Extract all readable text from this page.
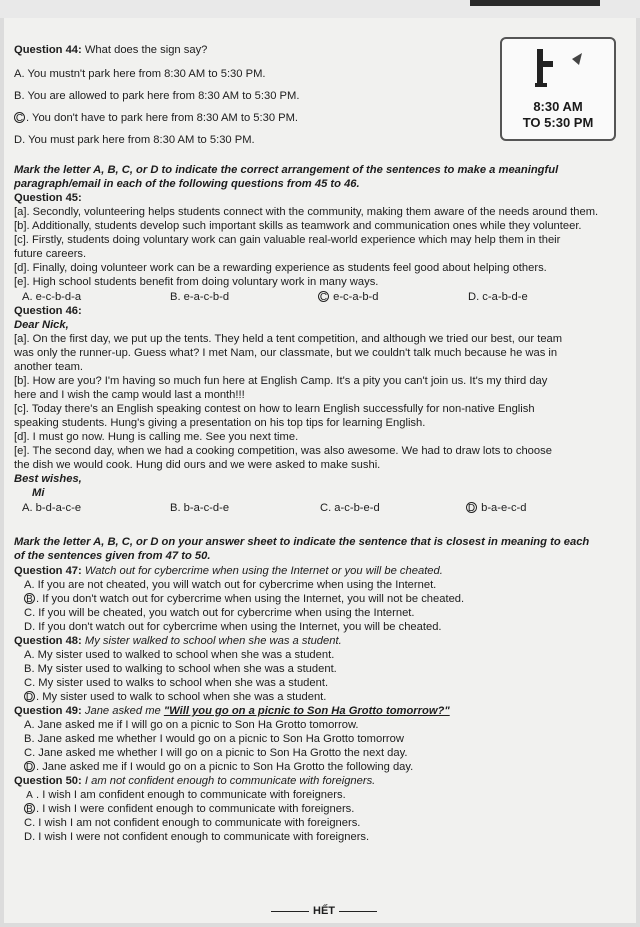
Question 44: What does the sign say?
A. You mustn't park here from 8:30 AM to 5:30 PM.
B. You are allowed to park here from 8:30 AM to 5:30 PM.
C . You don't have to park here from 8:30 AM to 5:30 PM.
D. You must park here from 8:30 AM to 5:30 PM.
8:30 AM
TO 5:30 PM
Mark the letter A, B, C, or D to indicate the correct arrangement of the sentences to make a meaningful
paragraph/email in each of the following questions from 45 to 46.
Question 45:
[a]. Secondly, volunteering helps students connect with the community, making them aware of the needs around them.
[b]. Additionally, students develop such important skills as teamwork and communication ones while they volunteer.
[c]. Firstly, students doing voluntary work can gain valuable real-world experience which may help them in their
future careers.
[d]. Finally, doing volunteer work can be a rewarding experience as students feel good about helping others.
[e]. High school students benefit from doing voluntary work in many ways.
A. e-c-b-d-a	B. e-a-c-b-d	C e-c-a-b-d	D. c-a-b-d-e
Question 46:
Dear Nick,
[a]. On the first day, we put up the tents. They held a tent competition, and although we tried our best, our team
was only the runner-up. Guess what? I met Nam, our classmate, but we couldn't talk much because he was in
another team.
[b]. How are you? I'm having so much fun here at English Camp. It's a pity you can't join us. It's my third day
here and I wish the camp would last a month!!!
[c]. Today there's an English speaking contest on how to learn English successfully for non-native English
speaking students. Hung's giving a presentation on his top tips for learning English.
[d]. I must go now. Hung is calling me. See you next time.
[e]. The second day, when we had a cooking competition, was also awesome. We had to draw lots to choose
the dish we would cook. Hung did ours and we were asked to make sushi.
Best wishes,
Mi
A. b-d-a-c-e	B. b-a-c-d-e	C. a-c-b-e-d	D b-a-e-c-d
Mark the letter A, B, C, or D on your answer sheet to indicate the sentence that is closest in meaning to each
of the sentences given from 47 to 50.
Question 47: Watch out for cybercrime when using the Internet or you will be cheated.
A. If you are not cheated, you will watch out for cybercrime when using the Internet.
B . If you don't watch out for cybercrime when using the Internet, you will not be cheated.
C. If you will be cheated, you watch out for cybercrime when using the Internet.
D. If you don't watch out for cybercrime when using the Internet, you will be cheated.
Question 48: My sister walked to school when she was a student.
A. My sister used to walked to school when she was a student.
B. My sister used to walking to school when she was a student.
C. My sister used to walks to school when she was a student.
D . My sister used to walk to school when she was a student.
Question 49: Jane asked me "Will you go on a picnic to Son Ha Grotto tomorrow?"
A. Jane asked me if I will go on a picnic to Son Ha Grotto tomorrow.
B. Jane asked me whether I would go on a picnic to Son Ha Grotto tomorrow
C. Jane asked me whether I will go on a picnic to Son Ha Grotto the next day.
D . Jane asked me if I would go on a picnic to Son Ha Grotto the following day.
Question 50: I am not confident enough to communicate with foreigners.
A . I wish I am confident enough to communicate with foreigners.
B . I wish I were confident enough to communicate with foreigners.
C. I wish I am not confident enough to communicate with foreigners.
D. I wish I were not confident enough to communicate with foreigners.
HẾT
